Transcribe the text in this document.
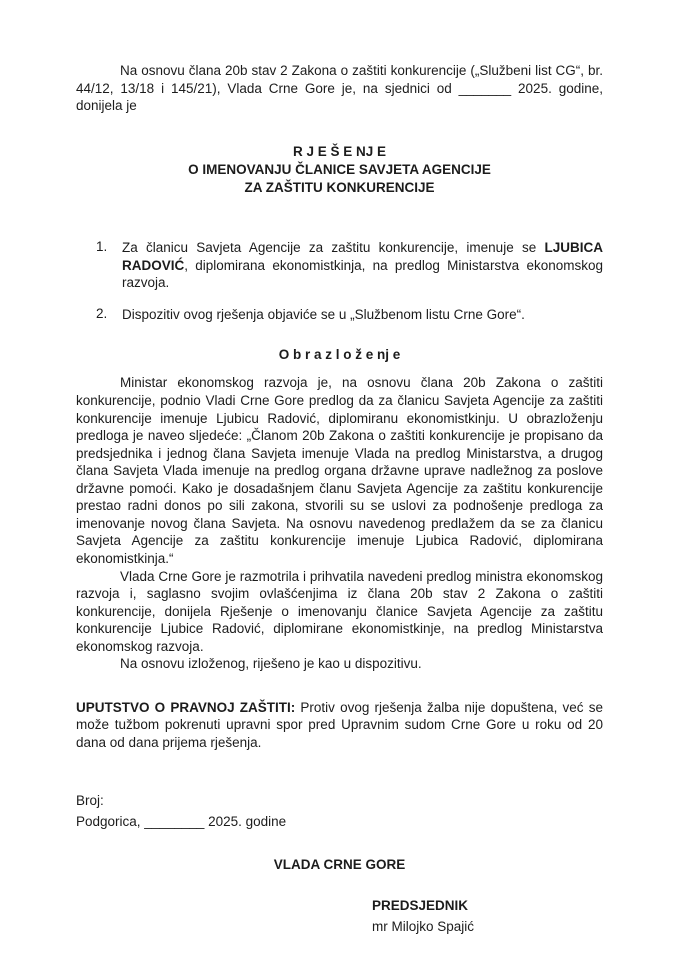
Na osnovu člana 20b stav 2 Zakona o zaštiti konkurencije („Službeni list CG“, br. 44/12, 13/18 i 145/21), Vlada Crne Gore je, na sjednici od _______ 2025. godine, donijela je

R J E Š E NJ E
O IMENOVANJU ČLANICE SAVJETA AGENCIJE
ZA ZAŠTITU KONKURENCIJE
1.	Za članicu Savjeta Agencije za zaštitu konkurencije, imenuje se LJUBICA RADOVIĆ, diplomirana ekonomistkinja, na predlog Ministarstva ekonomskog razvoja.
2.	Dispozitiv ovog rješenja objaviće se u „Službenom listu Crne Gore“.
O b r a z l o ž e nj e

Ministar ekonomskog razvoja je, na osnovu člana 20b Zakona o zaštiti konkurencije, podnio Vladi Crne Gore predlog da za članicu Savjeta Agencije za zaštiti konkurencije imenuje Ljubicu Radović, diplomiranu ekonomistkinju. U obrazloženju predloga je naveo sljedeće: „Članom 20b Zakona o zaštiti konkurencije je propisano da predsjednika i jednog člana Savjeta imenuje Vlada na predlog Ministarstva, a drugog člana Savjeta Vlada imenuje na predlog organa državne uprave nadležnog za poslove državne pomoći. Kako je dosadašnjem članu Savjeta Agencije za zaštitu konkurencije prestao radni donos po sili zakona, stvorili su se uslovi za podnošenje predloga za imenovanje novog člana Savjeta. Na osnovu navedenog predlažem da se za članicu Savjeta Agencije za zaštitu konkurencije imenuje Ljubica Radović, diplomirana ekonomistkinja.“

Vlada Crne Gore je razmotrila i prihvatila navedeni predlog ministra ekonomskog razvoja i, saglasno svojim ovlašćenjima iz člana 20b stav 2 Zakona o zaštiti konkurencije, donijela Rješenje o imenovanju članice Savjeta Agencije za zaštitu konkurencije Ljubice Radović, diplomirane ekonomistkinje, na predlog Ministarstva ekonomskog razvoja.

Na osnovu izloženog, riješeno je kao u dispozitivu.

UPUTSTVO O PRAVNOJ ZAŠTITI: Protiv ovog rješenja žalba nije dopuštena, već se može tužbom pokrenuti upravni spor pred Upravnim sudom Crne Gore u roku od 20 dana od dana prijema rješenja.

Broj:
Podgorica, ________ 2025. godine
VLADA CRNE GORE
PREDSJEDNIK
mr Milojko Spajić
